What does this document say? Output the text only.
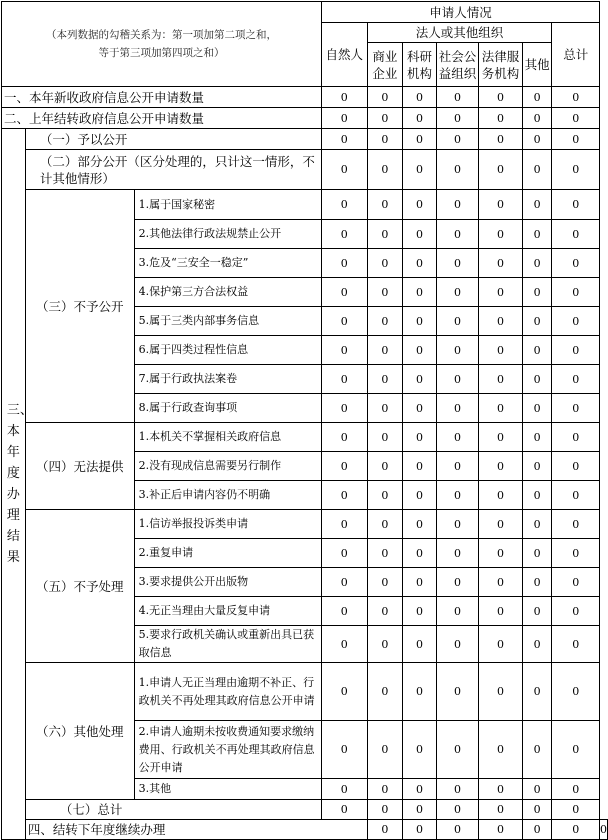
（本列数据的勾稽关系为：第一项加第二项之和，
等于第三项加第四项之和）			申请人情况							
			自然人	法人或其他组织					总计	
				商业企业	科研机构	社会公益组织	法律服务机构	其他		
一、本年新收政府信息公开申请数量			0	0	0	0	0	0	0	
二、上年结转政府信息公开申请数量			0	0	0	0	0	0	0	
三、本年度办理结果	（一）予以公开		0	0	0	0	0	0	0	
	（二）部分公开（区分处理的，只计这一情形，不计其他情形）		0	0	0	0	0	0	0	
	（三）不予公开	1.属于国家秘密	0	0	0	0	0	0	0	
		2.其他法律行政法规禁止公开	0	0	0	0	0	0	0	
		3.危及“三安全一稳定”	0	0	0	0	0	0	0	
		4.保护第三方合法权益	0	0	0	0	0	0	0	
		5.属于三类内部事务信息	0	0	0	0	0	0	0	
		6.属于四类过程性信息	0	0	0	0	0	0	0	
		7.属于行政执法案卷	0	0	0	0	0	0	0	
		8.属于行政查询事项	0	0	0	0	0	0	0	
	（四）无法提供	1.本机关不掌握相关政府信息	0	0	0	0	0	0	0	
		2.没有现成信息需要另行制作	0	0	0	0	0	0	0	
		3.补正后申请内容仍不明确	0	0	0	0	0	0	0	
	（五）不予处理	1.信访举报投诉类申请	0	0	0	0	0	0	0	
		2.重复申请	0	0	0	0	0	0	0	
		3.要求提供公开出版物	0	0	0	0	0	0	0	
		4.无正当理由大量反复申请	0	0	0	0	0	0	0	
		5.要求行政机关确认或重新出具已获取信息	0	0	0	0	0	0	0	
	（六）其他处理	1.申请人无正当理由逾期不补正、行政机关不再处理其政府信息公开申请	0	0	0	0	0	0	0	
		2.申请人逾期未按收费通知要求缴纳费用、行政机关不再处理其政府信息公开申请	0	0	0	0	0	0	0	
		3.其他	0	0	0	0	0	0	0	
	（七）总计		0	0	0	0	0	0	0	
	四、结转下年度继续办理			0	0	0	0	0	0	0
